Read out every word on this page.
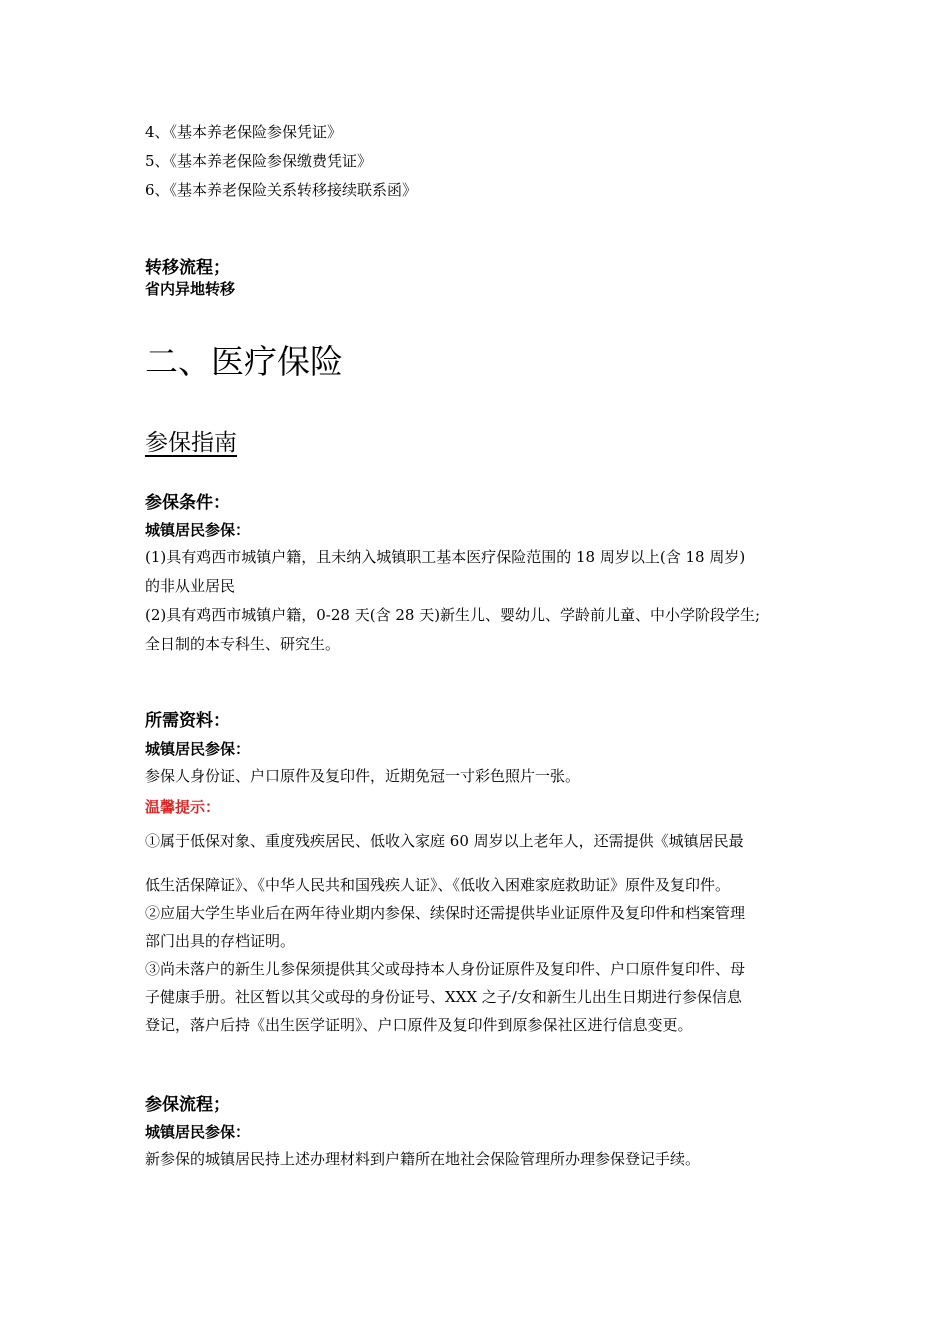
4、《基本养老保险参保凭证》

5、《基本养老保险参保缴费凭证》

6、《基本养老保险关系转移接续联系函》

转移流程；

省内异地转移

二、医疗保险
参保指南

参保条件：

城镇居民参保：

(1)具有鸡西市城镇户籍，且未纳入城镇职工基本医疗保险范围的 18 周岁以上(含 18 周岁)

的非从业居民

(2)具有鸡西市城镇户籍，0-28 天(含 28 天)新生儿、婴幼儿、学龄前儿童、中小学阶段学生;

全日制的本专科生、研究生。

所需资料：

城镇居民参保：

参保人身份证、户口原件及复印件，近期免冠一寸彩色照片一张。

温馨提示：

①属于低保对象、重度残疾居民、低收入家庭 60 周岁以上老年人，还需提供《城镇居民最

低生活保障证》、《中华人民共和国残疾人证》、《低收入困难家庭救助证》原件及复印件。

②应届大学生毕业后在两年待业期内参保、续保时还需提供毕业证原件及复印件和档案管理

部门出具的存档证明。

③尚未落户的新生儿参保须提供其父或母持本人身份证原件及复印件、户口原件复印件、母

子健康手册。社区暂以其父或母的身份证号、XXX 之子/女和新生儿出生日期进行参保信息

登记，落户后持《出生医学证明》、户口原件及复印件到原参保社区进行信息变更。

参保流程；

城镇居民参保：

新参保的城镇居民持上述办理材料到户籍所在地社会保险管理所办理参保登记手续。
